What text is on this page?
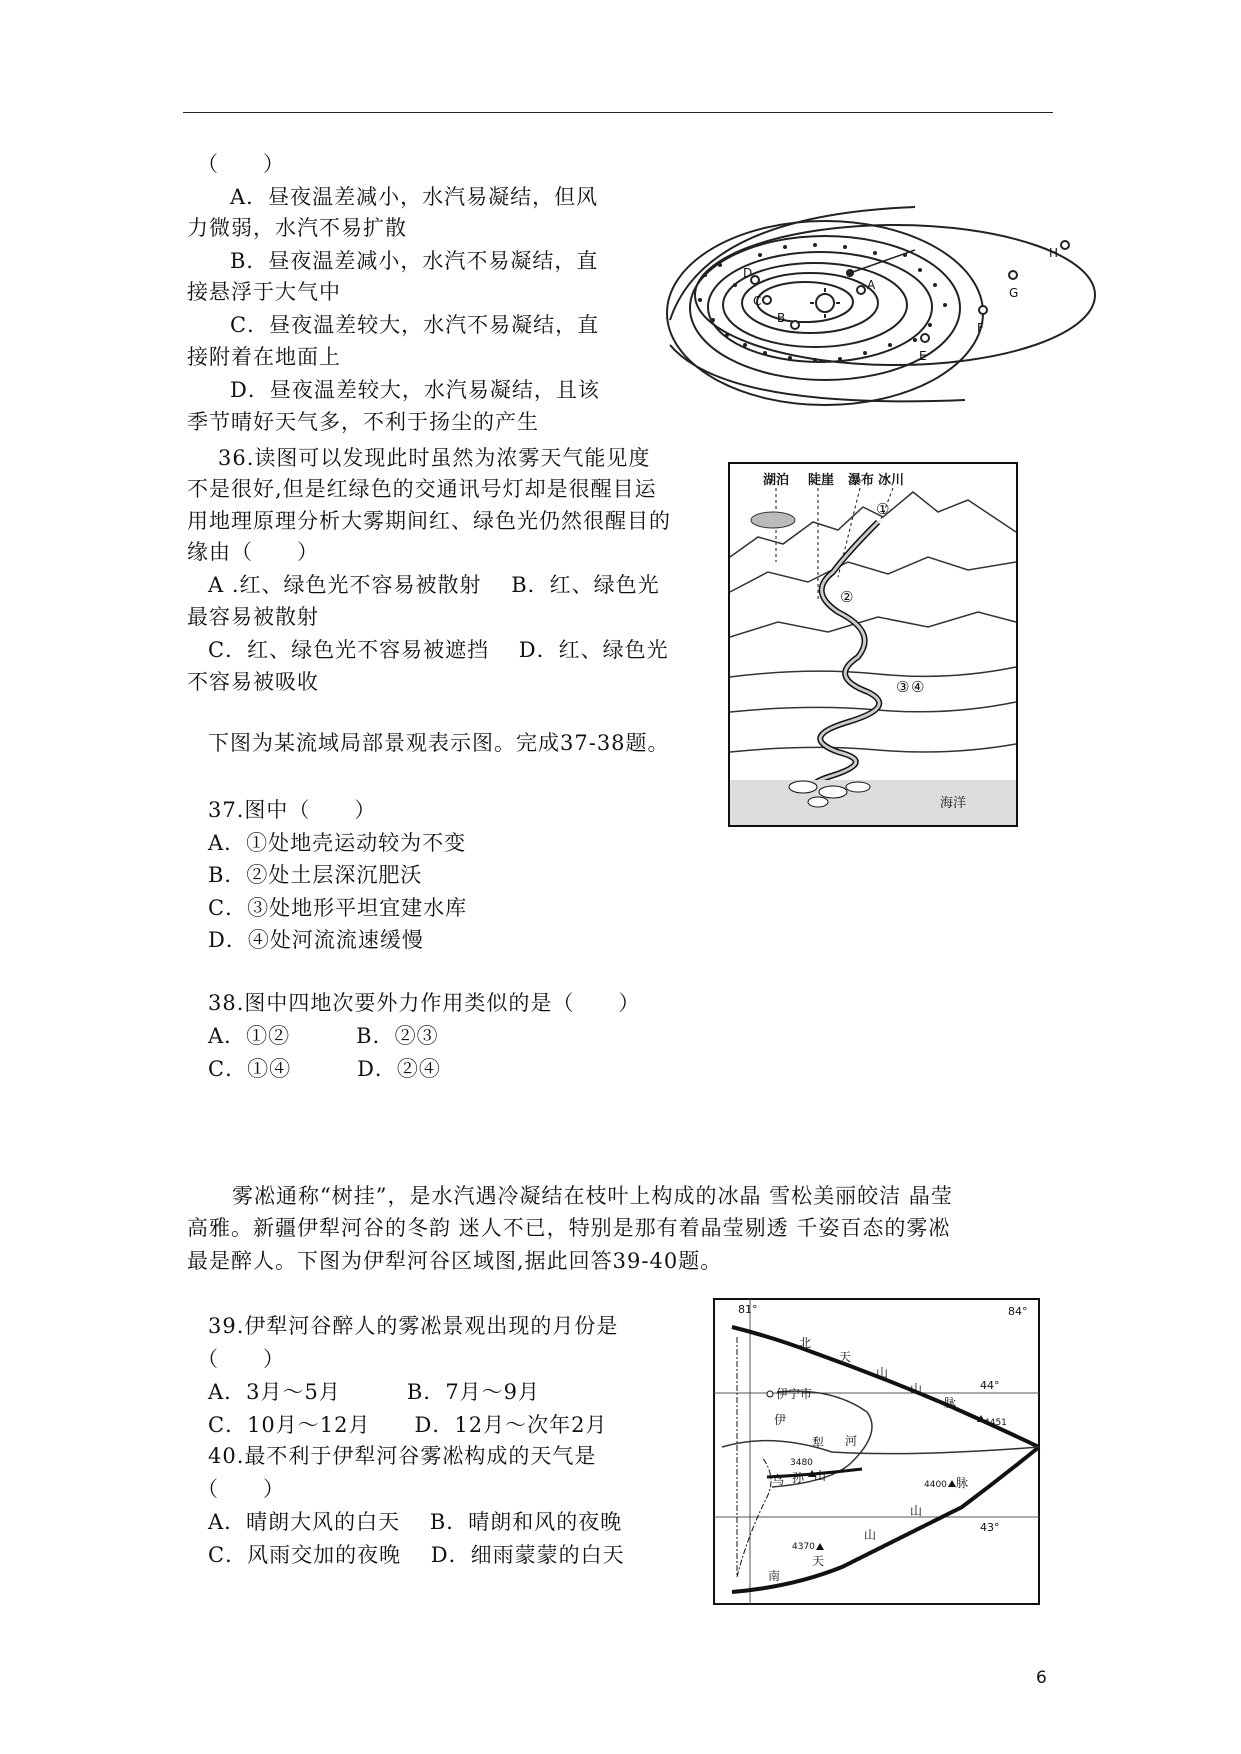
（　　）
A．昼夜温差减小，水汽易凝结，但风
力微弱，水汽不易扩散
B．昼夜温差减小，水汽不易凝结，直
接悬浮于大气中
C．昼夜温差较大，水汽不易凝结，直
接附着在地面上
D．昼夜温差较大，水汽易凝结，且该
季节晴好天气多，不利于扬尘的产生
A
B
C
D
E
F
G
H
36.读图可以发现此时虽然为浓雾天气能见度
不是很好,但是红绿色的交通讯号灯却是很醒目运
用地理原理分析大雾期间红、绿色光仍然很醒目的
缘由（　　）
A .红、绿色光不容易被散射　 B．红、绿色光
最容易被散射
C．红、绿色光不容易被遮挡　 D．红、绿色光
不容易被吸收
湖泊 陡崖 瀑布 冰川
①
②
③ ④
海洋
下图为某流域局部景观表示图。完成37-38题。
37.图中（　　）
A．①处地壳运动较为不变
B．②处土层深沉肥沃
C．③处地形平坦宜建水库
D．④处河流流速缓慢
38.图中四地次要外力作用类似的是（　　）
A．①②　　　B．②③
C．①④　　　D．②④
雾凇通称“树挂”，是水汽遇冷凝结在枝叶上构成的冰晶 雪松美丽皎洁 晶莹
高雅。新疆伊犁河谷的冬韵 迷人不已，特别是那有着晶莹剔透 千姿百态的雾凇
最是醉人。下图为伊犁河谷区域图,据此回答39-40题。
39.伊犁河谷醉人的雾凇景观出现的月份是
（　　）
A．3月～5月　　　B．7月～9月
C．10月～12月　　D．12月～次年2月
40.最不利于伊犁河谷雾凇构成的天气是
（　　）
A．晴朗大风的白天　 B．晴朗和风的夜晚
C．风雨交加的夜晚　 D．细雨蒙蒙的白天
81°	84°
44°
43°
伊宁市
伊
犁 河
北
天
山
山
脉
南
天
山
山
脉
乌 孙 山
4451
3480
4400
4370
6
